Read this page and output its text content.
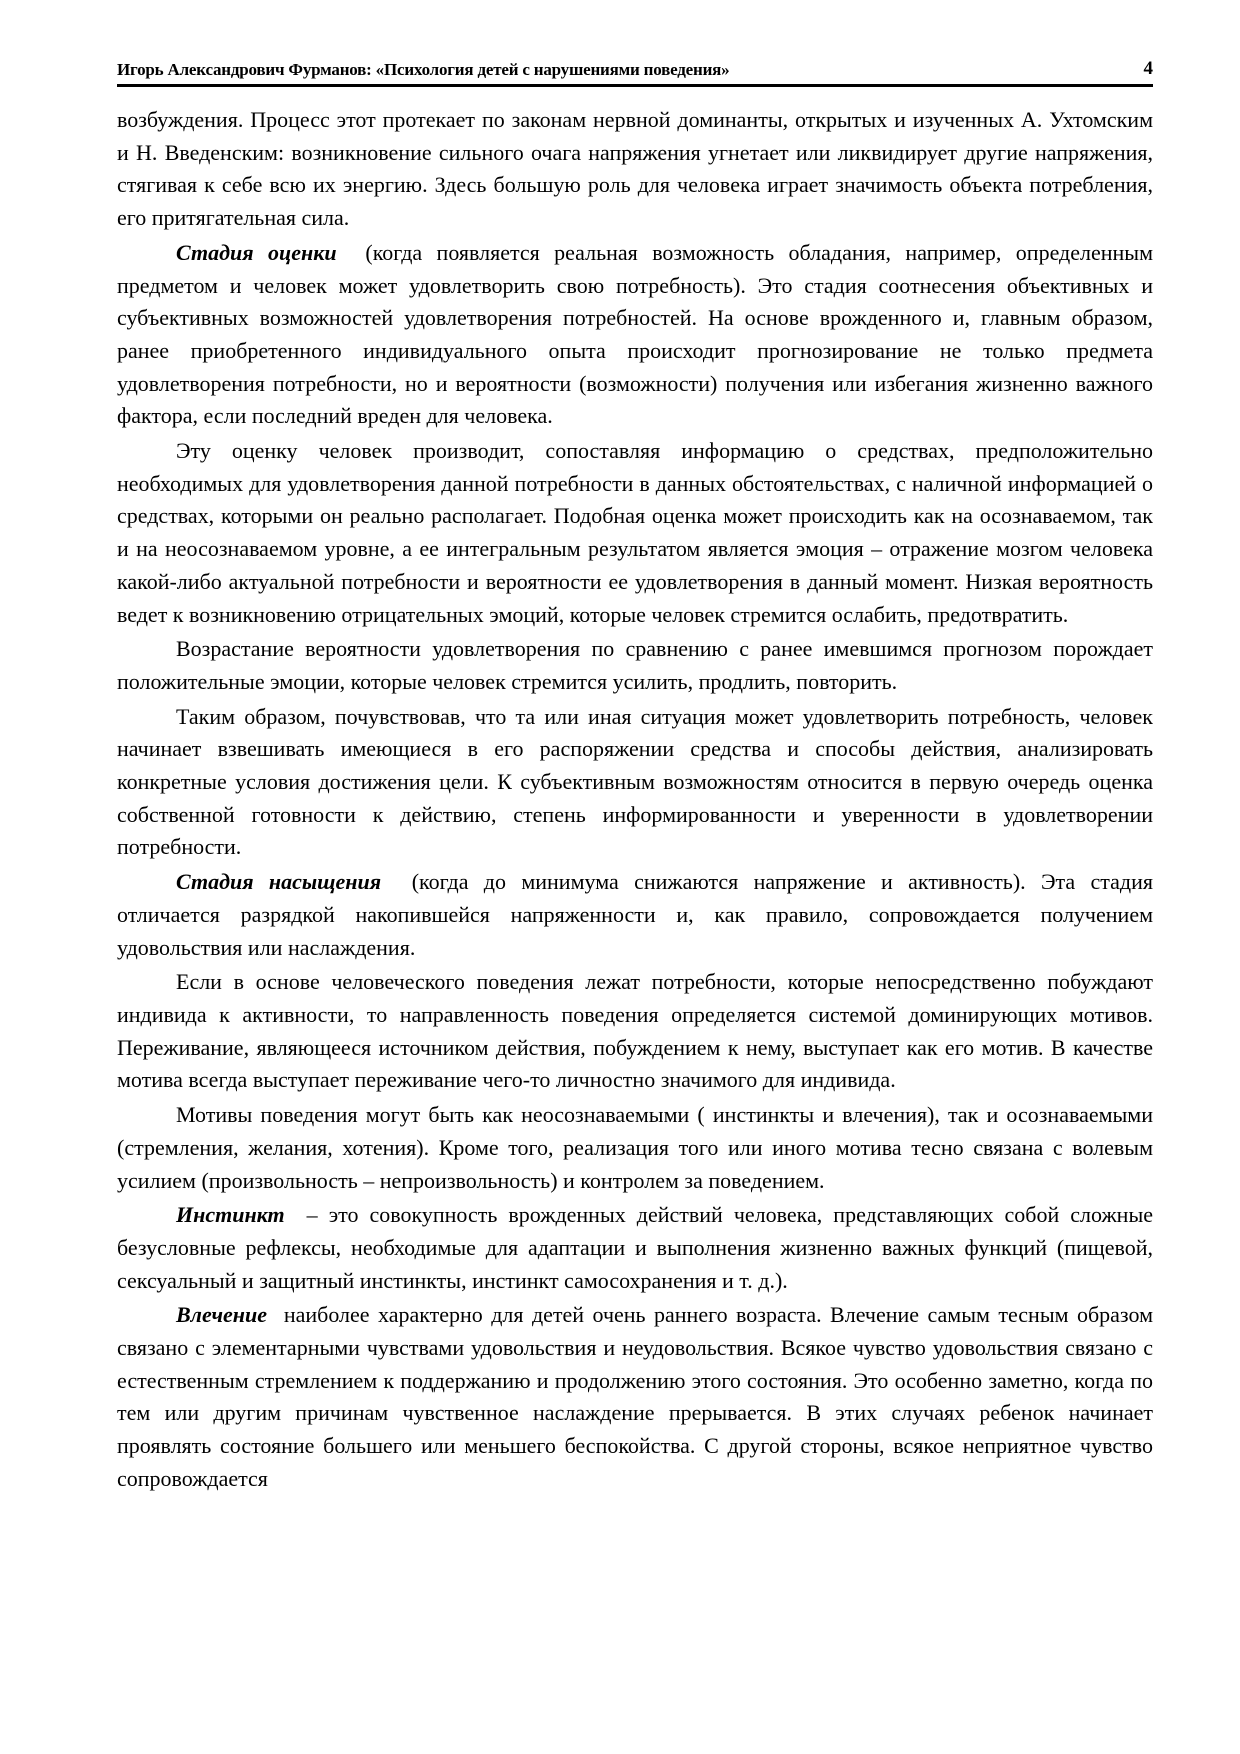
Игорь Александрович Фурманов: «Психология детей с нарушениями поведения»	4

возбуждения. Процесс этот протекает по законам нервной доминанты, открытых и изученных А. Ухтомским и Н. Введенским: возникновение сильного очага напряжения угнетает или ликвидирует другие напряжения, стягивая к себе всю их энергию. Здесь большую роль для человека играет значимость объекта потребления, его притягательная сила.

Стадия оценки  (когда появляется реальная возможность обладания, например, определенным предметом и человек может удовлетворить свою потребность). Это стадия соотнесения объективных и субъективных возможностей удовлетворения потребностей. На основе врожденного и, главным образом, ранее приобретенного индивидуального опыта происходит прогнозирование не только предмета удовлетворения потребности, но и вероятности (возможности) получения или избегания жизненно важного фактора, если последний вреден для человека.

Эту оценку человек производит, сопоставляя информацию о средствах, предположительно необходимых для удовлетворения данной потребности в данных обстоятельствах, с наличной информацией о средствах, которыми он реально располагает. Подобная оценка может происходить как на осознаваемом, так и на неосознаваемом уровне, а ее интегральным результатом является эмоция – отражение мозгом человека какой-либо актуальной потребности и вероятности ее удовлетворения в данный момент. Низкая вероятность ведет к возникновению отрицательных эмоций, которые человек стремится ослабить, предотвратить.

Возрастание вероятности удовлетворения по сравнению с ранее имевшимся прогнозом порождает положительные эмоции, которые человек стремится усилить, продлить, повторить.

Таким образом, почувствовав, что та или иная ситуация может удовлетворить потребность, человек начинает взвешивать имеющиеся в его распоряжении средства и способы действия, анализировать конкретные условия достижения цели. К субъективным возможностям относится в первую очередь оценка собственной готовности к действию, степень информированности и уверенности в удовлетворении потребности.

Стадия насыщения  (когда до минимума снижаются напряжение и активность). Эта стадия отличается разрядкой накопившейся напряженности и, как правило, сопровождается получением удовольствия или наслаждения.

Если в основе человеческого поведения лежат потребности, которые непосредственно побуждают индивида к активности, то направленность поведения определяется системой доминирующих мотивов. Переживание, являющееся источником действия, побуждением к нему, выступает как его мотив. В качестве мотива всегда выступает переживание чего-то личностно значимого для индивида.

Мотивы поведения могут быть как неосознаваемыми ( инстинкты и влечения), так и осознаваемыми (стремления, желания, хотения). Кроме того, реализация того или иного мотива тесно связана с волевым усилием (произвольность – непроизвольность) и контролем за поведением.

Инстинкт  – это совокупность врожденных действий человека, представляющих собой сложные безусловные рефлексы, необходимые для адаптации и выполнения жизненно важных функций (пищевой, сексуальный и защитный инстинкты, инстинкт самосохранения и т. д.).

Влечение  наиболее характерно для детей очень раннего возраста. Влечение самым тесным образом связано с элементарными чувствами удовольствия и неудовольствия. Всякое чувство удовольствия связано с естественным стремлением к поддержанию и продолжению этого состояния. Это особенно заметно, когда по тем или другим причинам чувственное наслаждение прерывается. В этих случаях ребенок начинает проявлять состояние большего или меньшего беспокойства. С другой стороны, всякое неприятное чувство сопровождается
